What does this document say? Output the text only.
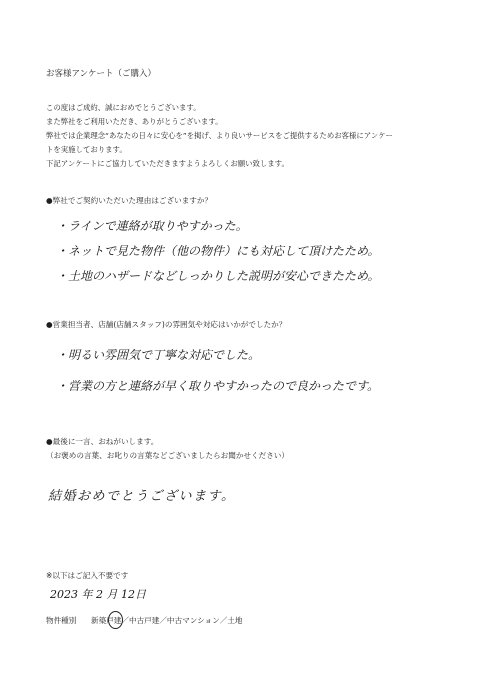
お客様アンケート（ご購入）
この度はご成約、誠におめでとうございます。
また弊社をご利用いただき、ありがとうございます。
弊社では企業理念“あなたの日々に安心を”を掲げ、より良いサービスをご提供するためお客様にアンケー
トを実施しております。
下記アンケートにご協力していただきますようよろしくお願い致します。
●弊社でご契約いただいた理由はございますか？
・ラインで連絡が取りやすかった。
・ネットで見た物件（他の物件）にも対応して頂けたため。
・土地のハザードなどしっかりした説明が安心できたため。
●営業担当者、店舗(店舗スタッフ)の雰囲気や対応はいかがでしたか？
・明るい雰囲気で丁寧な対応でした。
・営業の方と連絡が早く取りやすかったので良かったです。
●最後に一言、おねがいします。
（お褒めの言葉、お叱りの言葉などございましたらお聞かせください）
結婚おめでとうございます。
※以下はご記入不要です
2023 年 2 月 12日
物件種別 新築戸建／中古戸建／中古マンション／土地
